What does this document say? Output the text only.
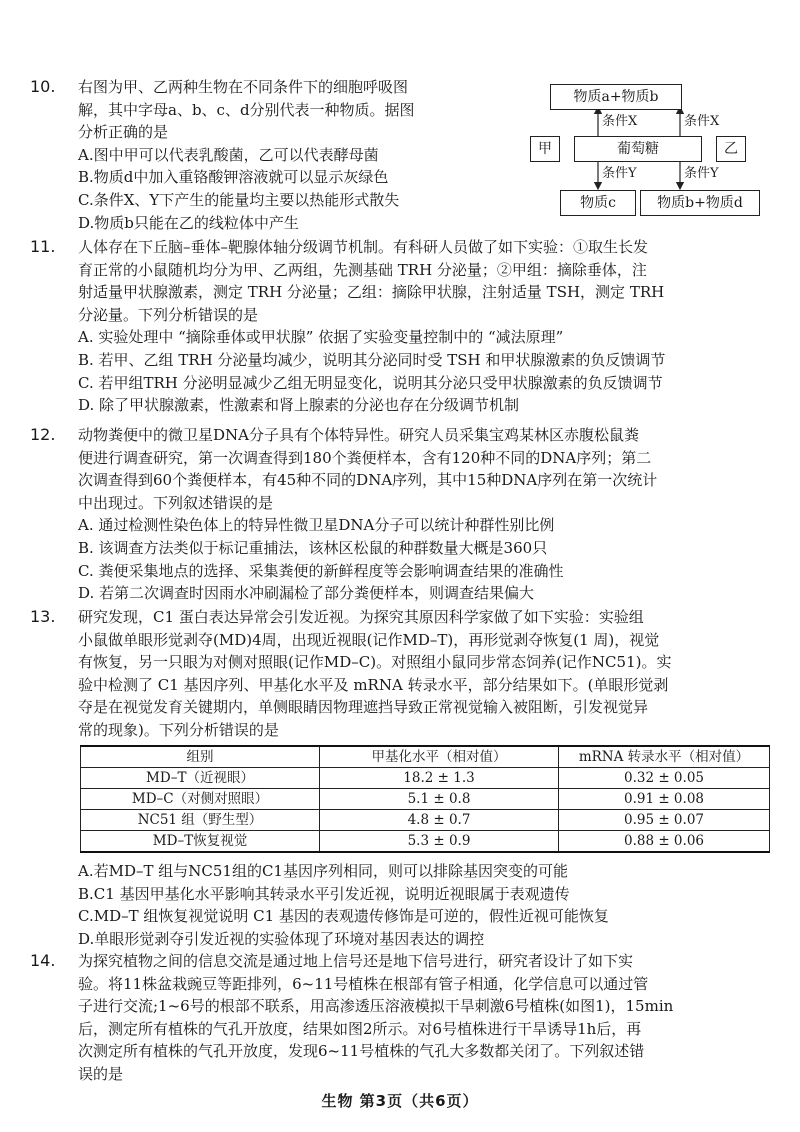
10.	右图为甲、乙两种生物在不同条件下的细胞呼吸图

解，其中字母a、b、c、d分别代表一种物质。据图

分析正确的是

A.图中甲可以代表乳酸菌，乙可以代表酵母菌

B.物质d中加入重铬酸钾溶液就可以显示灰绿色

C.条件X、Y下产生的能量均主要以热能形式散失

D.物质b只能在乙的线粒体中产生

物质a+物质b
条件X	条件X
甲	葡萄糖	乙
条件Y	条件Y
物质c	物质b+物质d
11.	人体存在下丘脑–垂体–靶腺体轴分级调节机制。有科研人员做了如下实验：①取生长发

育正常的小鼠随机均分为甲、乙两组，先测基础 TRH 分泌量；②甲组：摘除垂体，注

射适量甲状腺激素，测定 TRH 分泌量；乙组：摘除甲状腺，注射适量 TSH，测定 TRH

分泌量。下列分析错误的是

A. 实验处理中 “摘除垂体或甲状腺” 依据了实验变量控制中的 “减法原理”

B. 若甲、乙组 TRH 分泌量均减少，说明其分泌同时受 TSH 和甲状腺激素的负反馈调节

C. 若甲组TRH 分泌明显减少乙组无明显变化，说明其分泌只受甲状腺激素的负反馈调节

D. 除了甲状腺激素，性激素和肾上腺素的分泌也存在分级调节机制

12.	动物粪便中的微卫星DNA分子具有个体特异性。研究人员采集宝鸡某林区赤腹松鼠粪

便进行调查研究，第一次调查得到180个粪便样本，含有120种不同的DNA序列；第二

次调查得到60个粪便样本，有45种不同的DNA序列，其中15种DNA序列在第一次统计

中出现过。下列叙述错误的是

A. 通过检测性染色体上的特异性微卫星DNA分子可以统计种群性别比例

B. 该调查方法类似于标记重捕法，该林区松鼠的种群数量大概是360只

C. 粪便采集地点的选择、采集粪便的新鲜程度等会影响调查结果的准确性

D. 若第二次调查时因雨水冲刷漏检了部分粪便样本，则调查结果偏大

13.	研究发现，C1 蛋白表达异常会引发近视。为探究其原因科学家做了如下实验：实验组

小鼠做单眼形觉剥夺(MD)4周，出现近视眼(记作MD–T)，再形觉剥夺恢复(1 周)，视觉

有恢复，另一只眼为对侧对照眼(记作MD–C)。对照组小鼠同步常态饲养(记作NC51)。实

验中检测了 C1 基因序列、甲基化水平及 mRNA 转录水平，部分结果如下。(单眼形觉剥

夺是在视觉发育关键期内，单侧眼睛因物理遮挡导致正常视觉输入被阻断，引发视觉异

常的现象)。下列分析错误的是

组别	甲基化水平（相对值）	mRNA 转录水平（相对值）
MD–T（近视眼）	18.2 ± 1.3	0.32 ± 0.05
MD–C（对侧对照眼）	5.1 ± 0.8	0.91 ± 0.08
NC51 组（野生型）	4.8 ± 0.7	0.95 ± 0.07
MD–T恢复视觉	5.3 ± 0.9	0.88 ± 0.06

A.若MD–T 组与NC51组的C1基因序列相同，则可以排除基因突变的可能

B.C1 基因甲基化水平影响其转录水平引发近视，说明近视眼属于表观遗传

C.MD–T 组恢复视觉说明 C1 基因的表观遗传修饰是可逆的，假性近视可能恢复

D.单眼形觉剥夺引发近视的实验体现了环境对基因表达的调控

14.	为探究植物之间的信息交流是通过地上信号还是地下信号进行，研究者设计了如下实

验。将11株盆栽豌豆等距排列，6~11号植株在根部有管子相通，化学信息可以通过管

子进行交流;1~6号的根部不联系，用高渗透压溶液模拟干旱刺激6号植株(如图1)，15min

后，测定所有植株的气孔开放度，结果如图2所示。对6号植株进行干旱诱导1h后，再

次测定所有植株的气孔开放度，发现6~11号植株的气孔大多数都关闭了。下列叙述错

误的是

生物 第3页（共6页）
